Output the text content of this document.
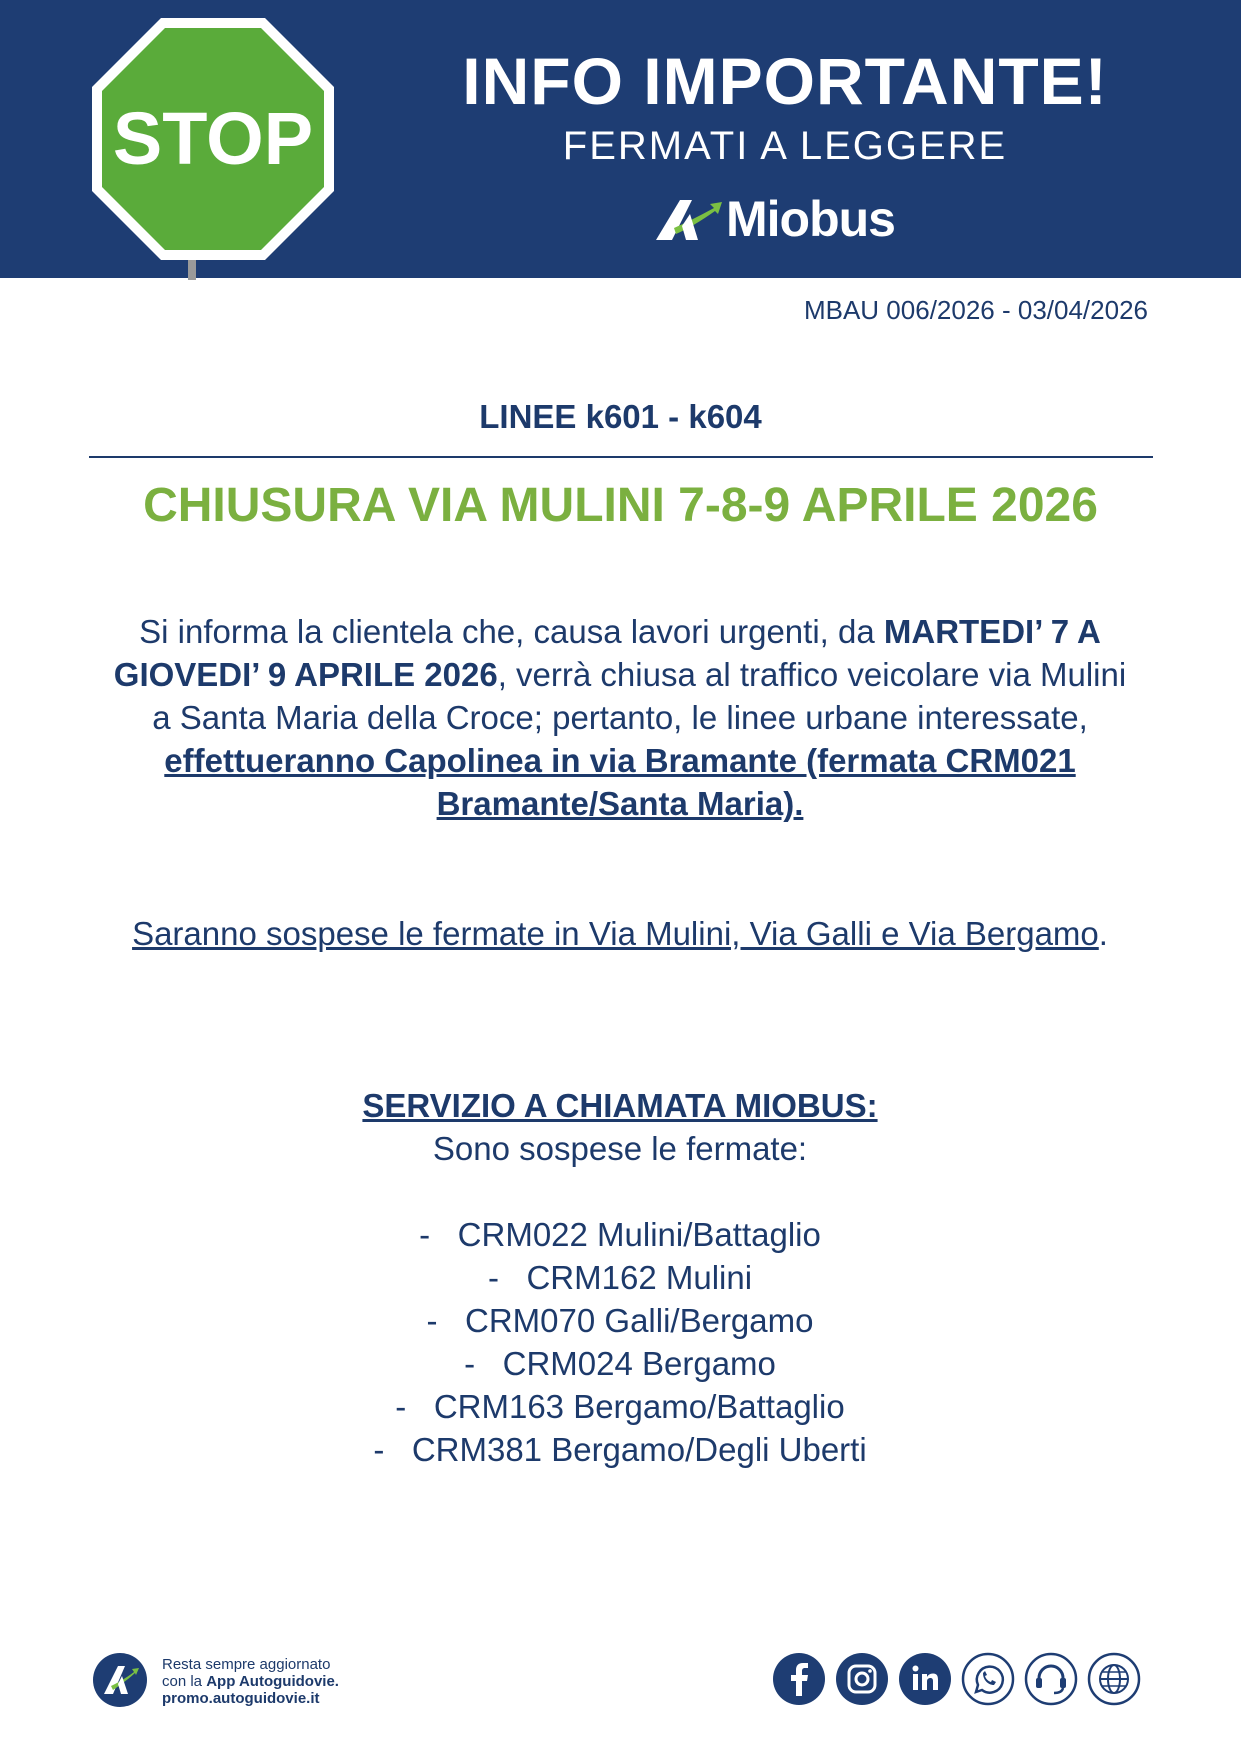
STOP
INFO IMPORTANTE!
FERMATI A LEGGERE
Miobus
MBAU 006/2026 - 03/04/2026
LINEE k601 - k604
CHIUSURA VIA MULINI 7-8-9 APRILE 2026
Si informa la clientela che, causa lavori urgenti, da MARTEDI’ 7 A GIOVEDI’ 9 APRILE 2026, verrà chiusa al traffico veicolare via Mulini a Santa Maria della Croce; pertanto, le linee urbane interessate, effettueranno Capolinea in via Bramante (fermata CRM021 Bramante/Santa Maria).
Saranno sospese le fermate in Via Mulini, Via Galli e Via Bergamo.
SERVIZIO A CHIAMATA MIOBUS:
Sono sospese le fermate:
- CRM022 Mulini/Battaglio
- CRM162 Mulini
- CRM070 Galli/Bergamo
- CRM024 Bergamo
- CRM163 Bergamo/Battaglio
- CRM381 Bergamo/Degli Uberti
Resta sempre aggiornato
con la App Autoguidovie.
promo.autoguidovie.it
